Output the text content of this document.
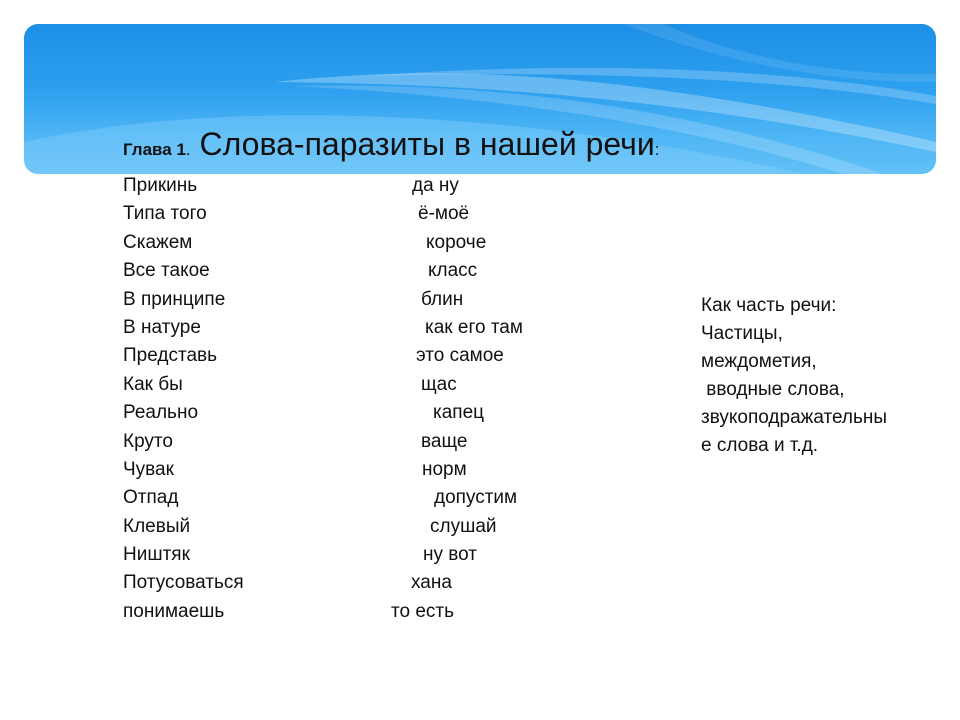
Глава 1. Слова-паразиты в нашей речи:
Прикинь	да ну
Типа того	ё-моё
Скажем	короче
Все такое	класс
В принципе	блин
В натуре	как его там
Представь	это самое
Как бы	щас
Реально	капец
Круто	ваще
Чувак	норм
Отпад	допустим
Клевый	слушай
Ништяк	ну вот
Потусоваться	хана
понимаешь	то есть
Как часть речи:
Частицы,
междометия,
вводные слова,
звукоподражательны
е слова и т.д.
